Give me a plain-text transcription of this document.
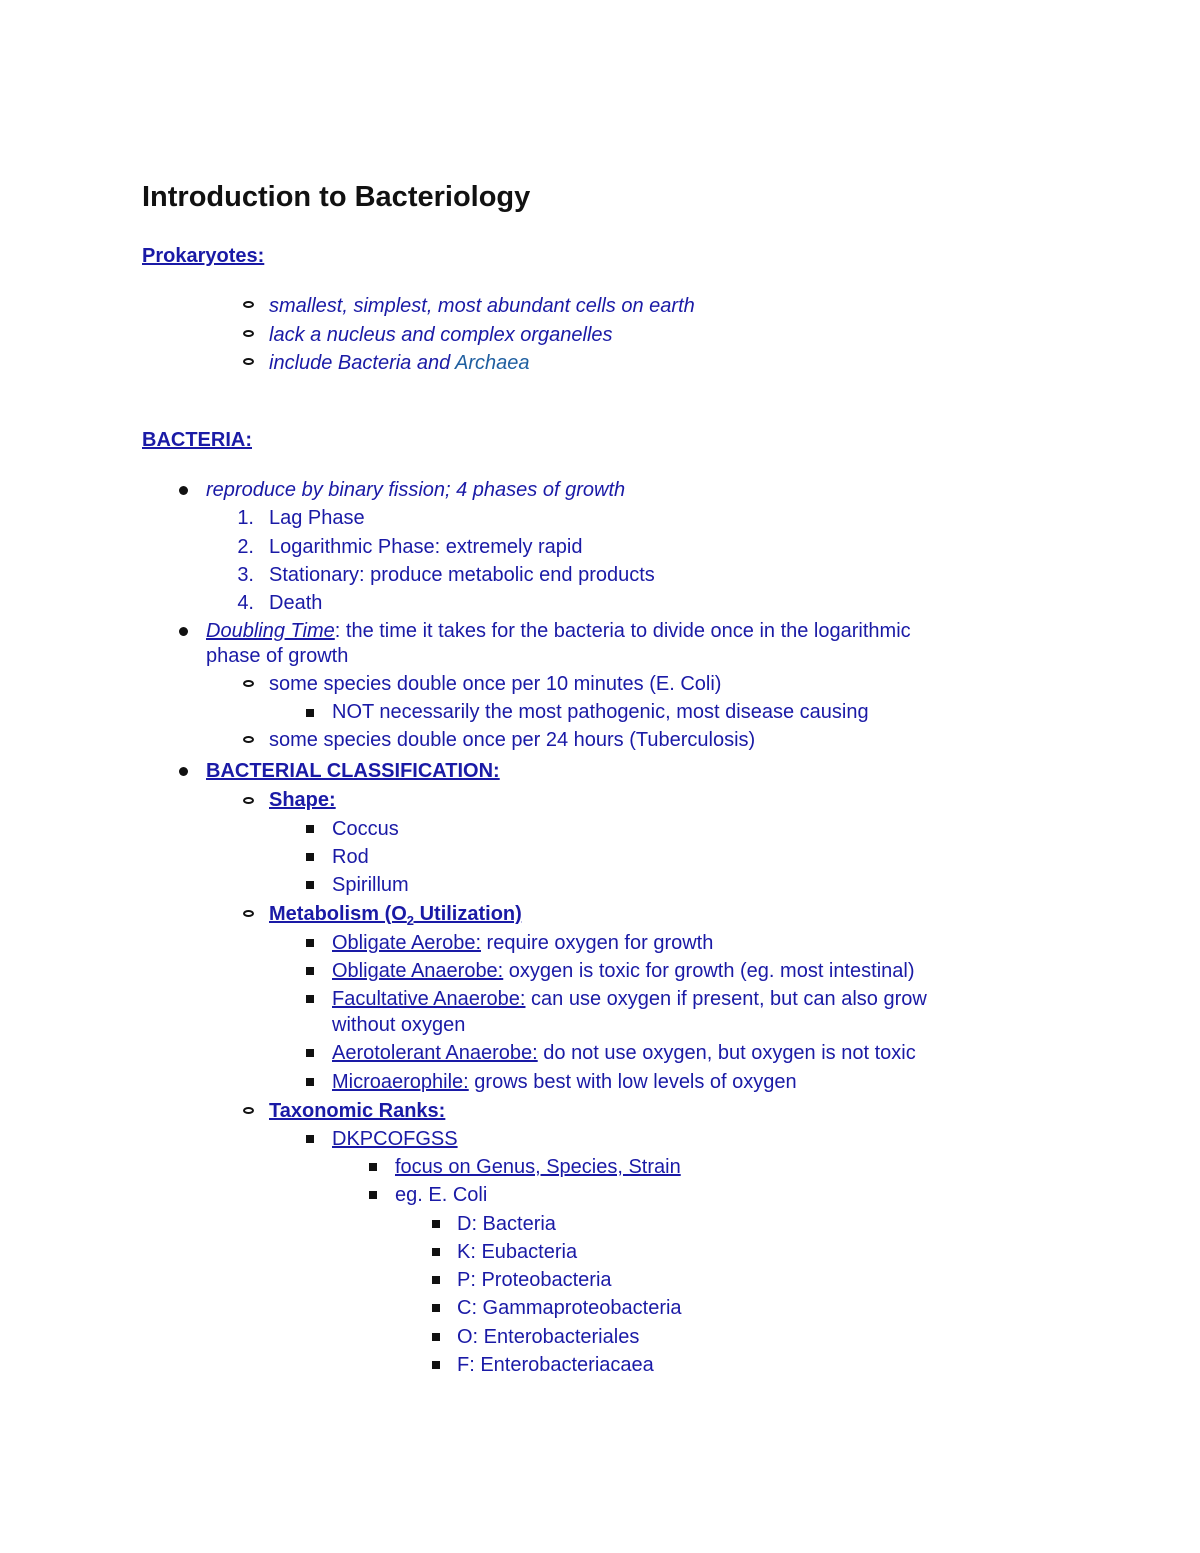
Introduction to Bacteriology
Prokaryotes:
smallest, simplest, most abundant cells on earth
lack a nucleus and complex organelles
include Bacteria and Archaea
BACTERIA:
reproduce by binary fission; 4 phases of growth
1. Lag Phase
2. Logarithmic Phase: extremely rapid
3. Stationary: produce metabolic end products
4. Death
Doubling Time: the time it takes for the bacteria to divide once in the logarithmic
phase of growth
some species double once per 10 minutes (E. Coli)
NOT necessarily the most pathogenic, most disease causing
some species double once per 24 hours (Tuberculosis)
BACTERIAL CLASSIFICATION:
Shape:
Coccus
Rod
Spirillum
Metabolism ($O_2$ Utilization)
Obligate Aerobe: require oxygen for growth
Obligate Anaerobe: oxygen is toxic for growth (eg. most intestinal)
Facultative Anaerobe: can use oxygen if present, but can also grow
without oxygen
Aerotolerant Anaerobe: do not use oxygen, but oxygen is not toxic
Microaerophile: grows best with low levels of oxygen
Taxonomic Ranks:
DKPCOFGSS
focus on Genus, Species, Strain
eg. E. Coli
D: Bacteria
K: Eubacteria
P: Proteobacteria
C: Gammaproteobacteria
O: Enterobacteriales
F: Enterobacteriacaea
